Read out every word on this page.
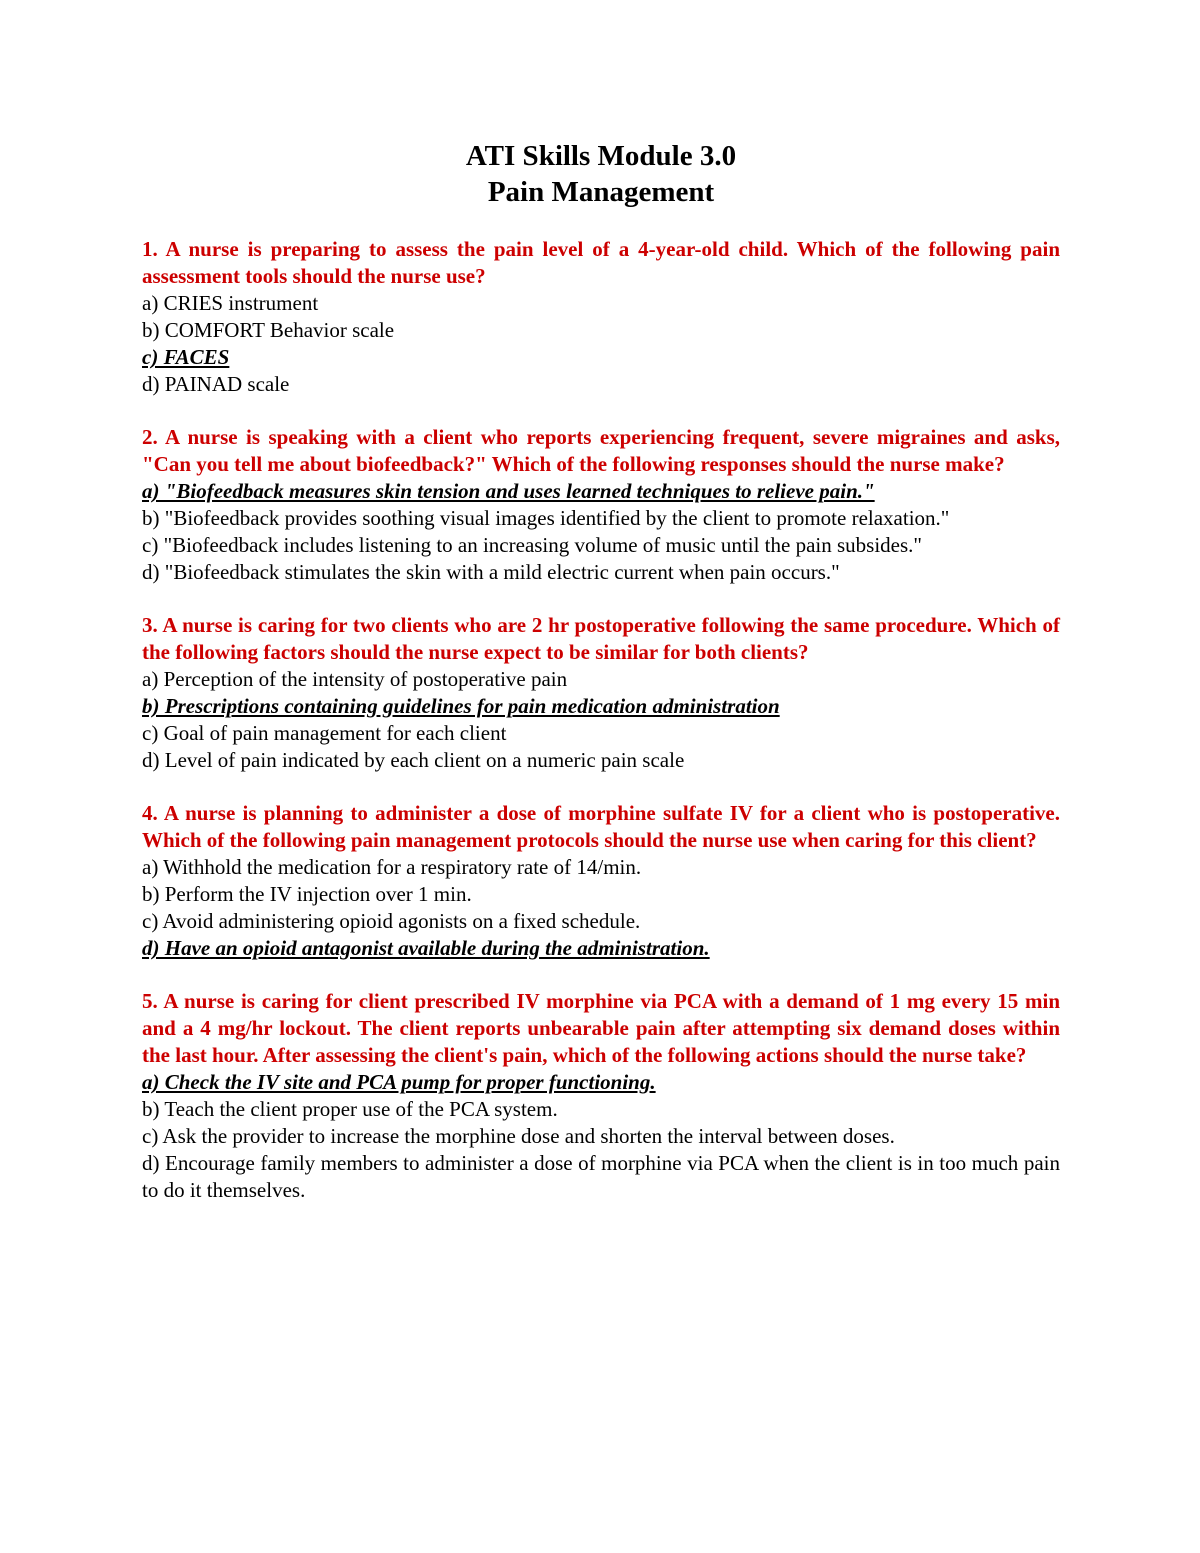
ATI Skills Module 3.0

Pain Management

1. A nurse is preparing to assess the pain level of a 4-year-old child. Which of the following pain assessment tools should the nurse use?

a) CRIES instrument

b) COMFORT Behavior scale

c) FACES

d) PAINAD scale

2. A nurse is speaking with a client who reports experiencing frequent, severe migraines and asks, "Can you tell me about biofeedback?" Which of the following responses should the nurse make?

a) "Biofeedback measures skin tension and uses learned techniques to relieve pain."

b) "Biofeedback provides soothing visual images identified by the client to promote relaxation."

c) "Biofeedback includes listening to an increasing volume of music until the pain subsides."

d) "Biofeedback stimulates the skin with a mild electric current when pain occurs."

3. A nurse is caring for two clients who are 2 hr postoperative following the same procedure. Which of the following factors should the nurse expect to be similar for both clients?

a) Perception of the intensity of postoperative pain

b) Prescriptions containing guidelines for pain medication administration

c) Goal of pain management for each client

d) Level of pain indicated by each client on a numeric pain scale

4. A nurse is planning to administer a dose of morphine sulfate IV for a client who is postoperative. Which of the following pain management protocols should the nurse use when caring for this client?

a) Withhold the medication for a respiratory rate of 14/min.

b) Perform the IV injection over 1 min.

c) Avoid administering opioid agonists on a fixed schedule.

d) Have an opioid antagonist available during the administration.

5. A nurse is caring for client prescribed IV morphine via PCA with a demand of 1 mg every 15 min and a 4 mg/hr lockout. The client reports unbearable pain after attempting six demand doses within the last hour. After assessing the client's pain, which of the following actions should the nurse take?

a) Check the IV site and PCA pump for proper functioning.

b) Teach the client proper use of the PCA system.

c) Ask the provider to increase the morphine dose and shorten the interval between doses.

d) Encourage family members to administer a dose of morphine via PCA when the client is in too much pain to do it themselves.
